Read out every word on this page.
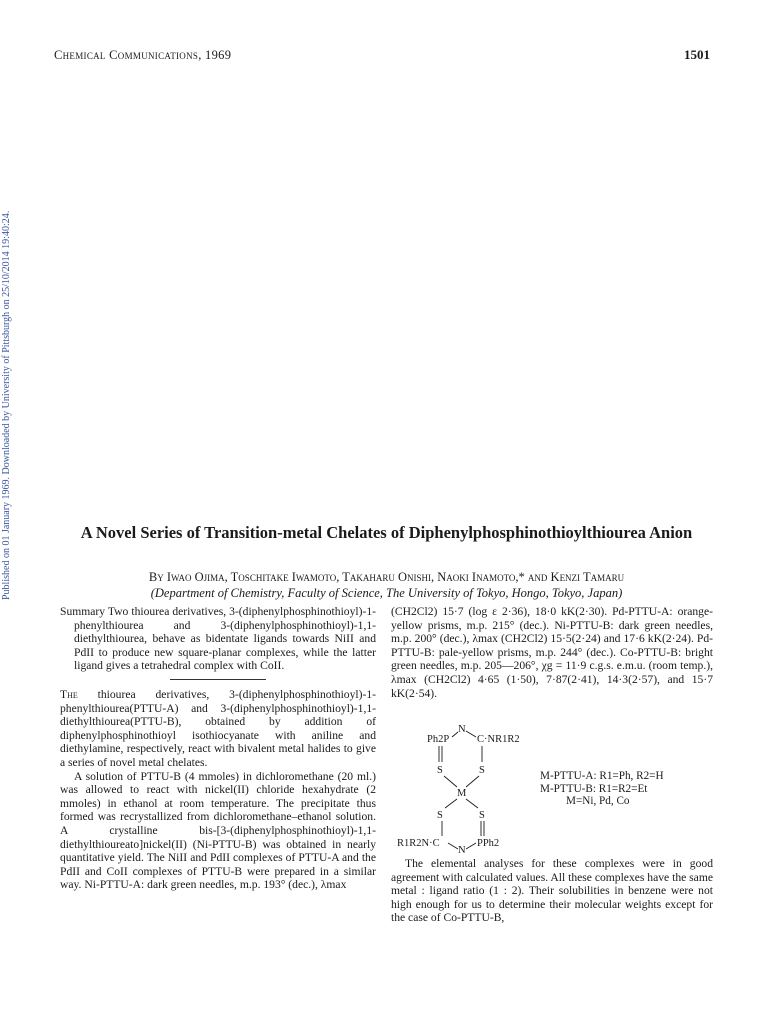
Chemical Communications, 1969	1501
Published on 01 January 1969. Downloaded by University of Pittsburgh on 25/10/2014 19:40:24.	A Novel Series of Transition-metal Chelates of Diphenylphosphinothioylthiourea Anion
By Iwao Ojima, Toschitake Iwamoto, Takaharu Onishi, Naoki Inamoto,* and Kenzi Tamaru
(Department of Chemistry, Faculty of Science, The University of Tokyo, Hongo, Tokyo, Japan)

Summary Two thiourea derivatives, 3-(diphenylphosphinothioyl)-1-phenylthiourea and 3-(diphenylphosphinothioyl)-1,1-diethylthiourea, behave as bidentate ligands towards NiII and PdII to produce new square-planar complexes, while the latter ligand gives a tetrahedral complex with CoII.

The thiourea derivatives, 3-(diphenylphosphinothioyl)-1-phenylthiourea(PTTU-A) and 3-(diphenylphosphinothioyl)-1,1-diethylthiourea(PTTU-B), obtained by addition of diphenylphosphinothioyl isothiocyanate with aniline and diethylamine, respectively, react with bivalent metal halides to give a series of novel metal chelates.

A solution of PTTU-B (4 mmoles) in dichloromethane (20 ml.) was allowed to react with nickel(II) chloride hexahydrate (2 mmoles) in ethanol at room temperature. The precipitate thus formed was recrystallized from dichloromethane–ethanol solution. A crystalline bis-[3-(diphenylphosphinothioyl)-1,1-diethylthioureato]nickel(II) (Ni-PTTU-B) was obtained in nearly quantitative yield. The NiII and PdII complexes of PTTU-A and the PdII and CoII complexes of PTTU-B were prepared in a similar way. Ni-PTTU-A: dark green needles, m.p. 193° (dec.), λmax

(CH2Cl2) 15·7 (log ε 2·36), 18·0 kK(2·30). Pd-PTTU-A: orange-yellow prisms, m.p. 215° (dec.). Ni-PTTU-B: dark green needles, m.p. 200° (dec.), λmax (CH2Cl2) 15·5(2·24) and 17·6 kK(2·24). Pd-PTTU-B: pale-yellow prisms, m.p. 244° (dec.). Co-PTTU-B: bright green needles, m.p. 205—206°, χg = 11·9 c.g.s. e.m.u. (room temp.), λmax (CH2Cl2) 4·65 (1·50), 7·87(2·41), 14·3(2·57), and 15·7 kK(2·54).

Ph2P
N
C·NR1R2
S	S
M
S	S
R1R2N·C
N
PPh2
M-PTTU-A: R1=Ph, R2=H
M-PTTU-B: R1=R2=Et
M=Ni, Pd, Co

The elemental analyses for these complexes were in good agreement with calculated values. All these complexes have the same metal : ligand ratio (1 : 2). Their solubilities in benzene were not high enough for us to determine their molecular weights except for the case of Co-PTTU-B,
